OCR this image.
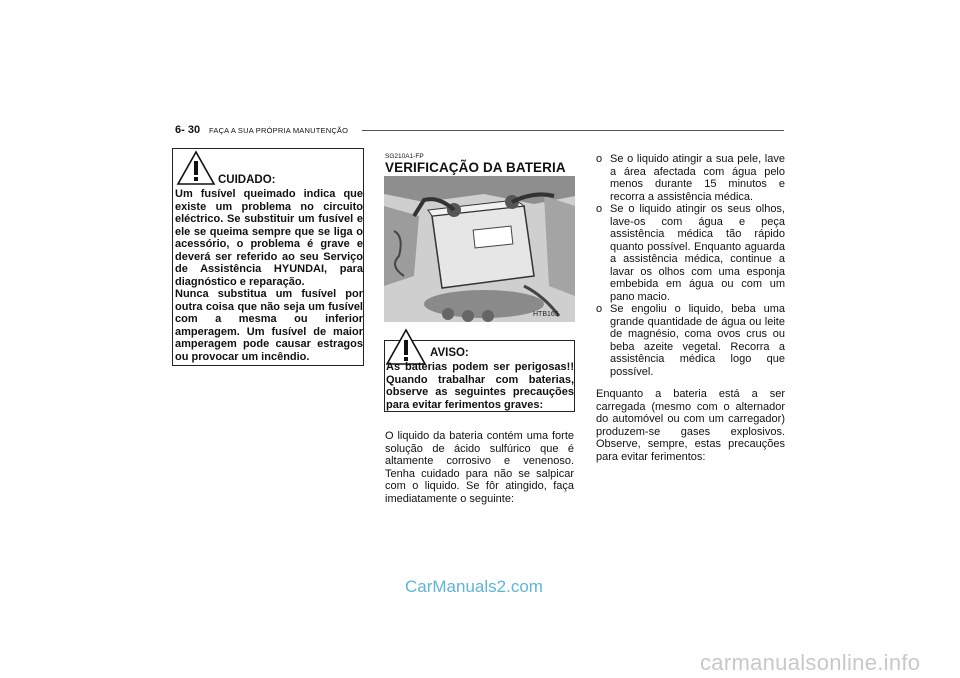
6- 30 FAÇA A SUA PRÓPRIA MANUTENÇÃO
CUIDADO:

Um fusível queimado indica que existe um problema no circuito eléctrico. Se substituir um fusível e ele se queima sempre que se liga o acessório, o problema é grave e deverá ser referido ao seu Serviço de Assistência HYUNDAI, para diagnóstico e reparação.

Nunca substitua um fusível por outra coisa que não seja um fusível com a mesma ou inferior amperagem. Um fusível de maior amperagem pode causar estragos ou provocar um incêndio.

SG210A1-FP
VERIFICAÇÃO DA BATERIA
HTB165
AVISO:
As baterias podem ser perigosas!! Quando trabalhar com baterias, observe as seguintes precauções para evitar ferimentos graves:
O liquido da bateria contém uma forte solução de ácido sulfúrico que é altamente corrosivo e venenoso. Tenha cuidado para não se salpicar com o liquido. Se fôr atingido, faça imediatamente o seguinte:

o Se o liquido atingir a sua pele, lave a área afectada com água pelo menos durante 15 minutos e recorra a assistência médica.

o Se o liquido atingir os seus olhos, lave-os com água e peça assistência médica tão rápido quanto possível. Enquanto aguarda a assistência médica, continue a lavar os olhos com uma esponja embebida em água ou com um pano macio.

o Se engoliu o liquido, beba uma grande quantidade de água ou leite de magnésio, coma ovos crus ou beba azeite vegetal. Recorra a assistência médica logo que possível.

Enquanto a bateria está a ser carregada (mesmo com o alternador do automóvel ou com um carregador) produzem-se gases explosivos. Observe, sempre, estas precauções para evitar ferimentos:

CarManuals2.com
carmanualsonline.info
